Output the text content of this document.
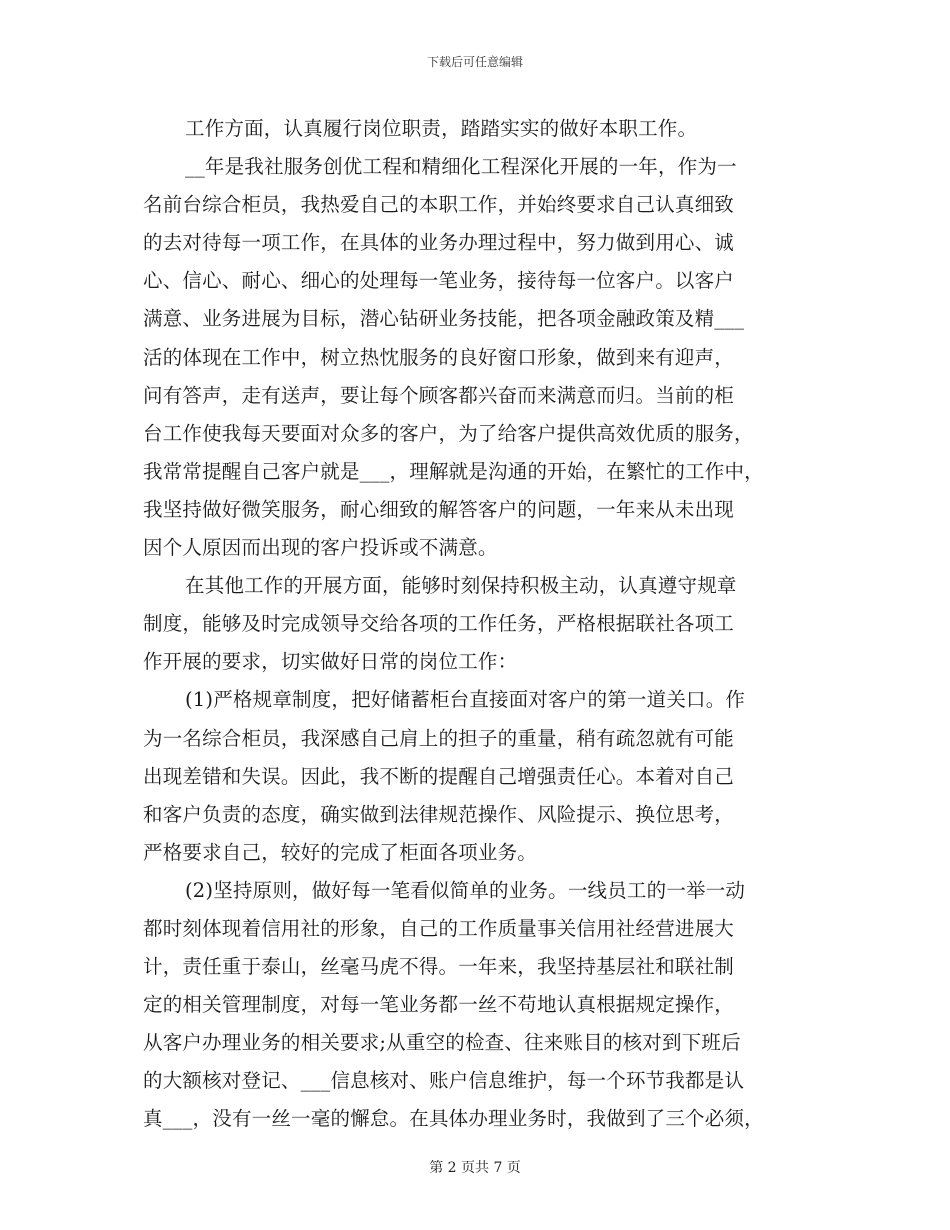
下载后可任意编辑
工作方面，认真履行岗位职责，踏踏实实的做好本职工作。
__年是我社服务创优工程和精细化工程深化开展的一年，作为一
名前台综合柜员，我热爱自己的本职工作，并始终要求自己认真细致
的去对待每一项工作，在具体的业务办理过程中，努力做到用心、诚
心、信心、耐心、细心的处理每一笔业务，接待每一位客户。以客户
满意、业务进展为目标，潜心钻研业务技能，把各项金融政策及精___
活的体现在工作中，树立热忱服务的良好窗口形象，做到来有迎声，
问有答声，走有送声，要让每个顾客都兴奋而来满意而归。当前的柜
台工作使我每天要面对众多的客户，为了给客户提供高效优质的服务，
我常常提醒自己客户就是___，理解就是沟通的开始，在繁忙的工作中，
我坚持做好微笑服务，耐心细致的解答客户的问题，一年来从未出现
因个人原因而出现的客户投诉或不满意。
在其他工作的开展方面，能够时刻保持积极主动，认真遵守规章
制度，能够及时完成领导交给各项的工作任务，严格根据联社各项工
作开展的要求，切实做好日常的岗位工作：
(1)严格规章制度，把好储蓄柜台直接面对客户的第一道关口。作
为一名综合柜员，我深感自己肩上的担子的重量，稍有疏忽就有可能
出现差错和失误。因此，我不断的提醒自己增强责任心。本着对自己
和客户负责的态度，确实做到法律规范操作、风险提示、换位思考，
严格要求自己，较好的完成了柜面各项业务。
(2)坚持原则，做好每一笔看似简单的业务。一线员工的一举一动
都时刻体现着信用社的形象，自己的工作质量事关信用社经营进展大
计，责任重于泰山，丝毫马虎不得。一年来，我坚持基层社和联社制
定的相关管理制度，对每一笔业务都一丝不苟地认真根据规定操作，
从客户办理业务的相关要求;从重空的检查、往来账目的核对到下班后
的大额核对登记、___信息核对、账户信息维护，每一个环节我都是认
真___，没有一丝一毫的懈怠。在具体办理业务时，我做到了三个必须，
第 2 页共 7 页
